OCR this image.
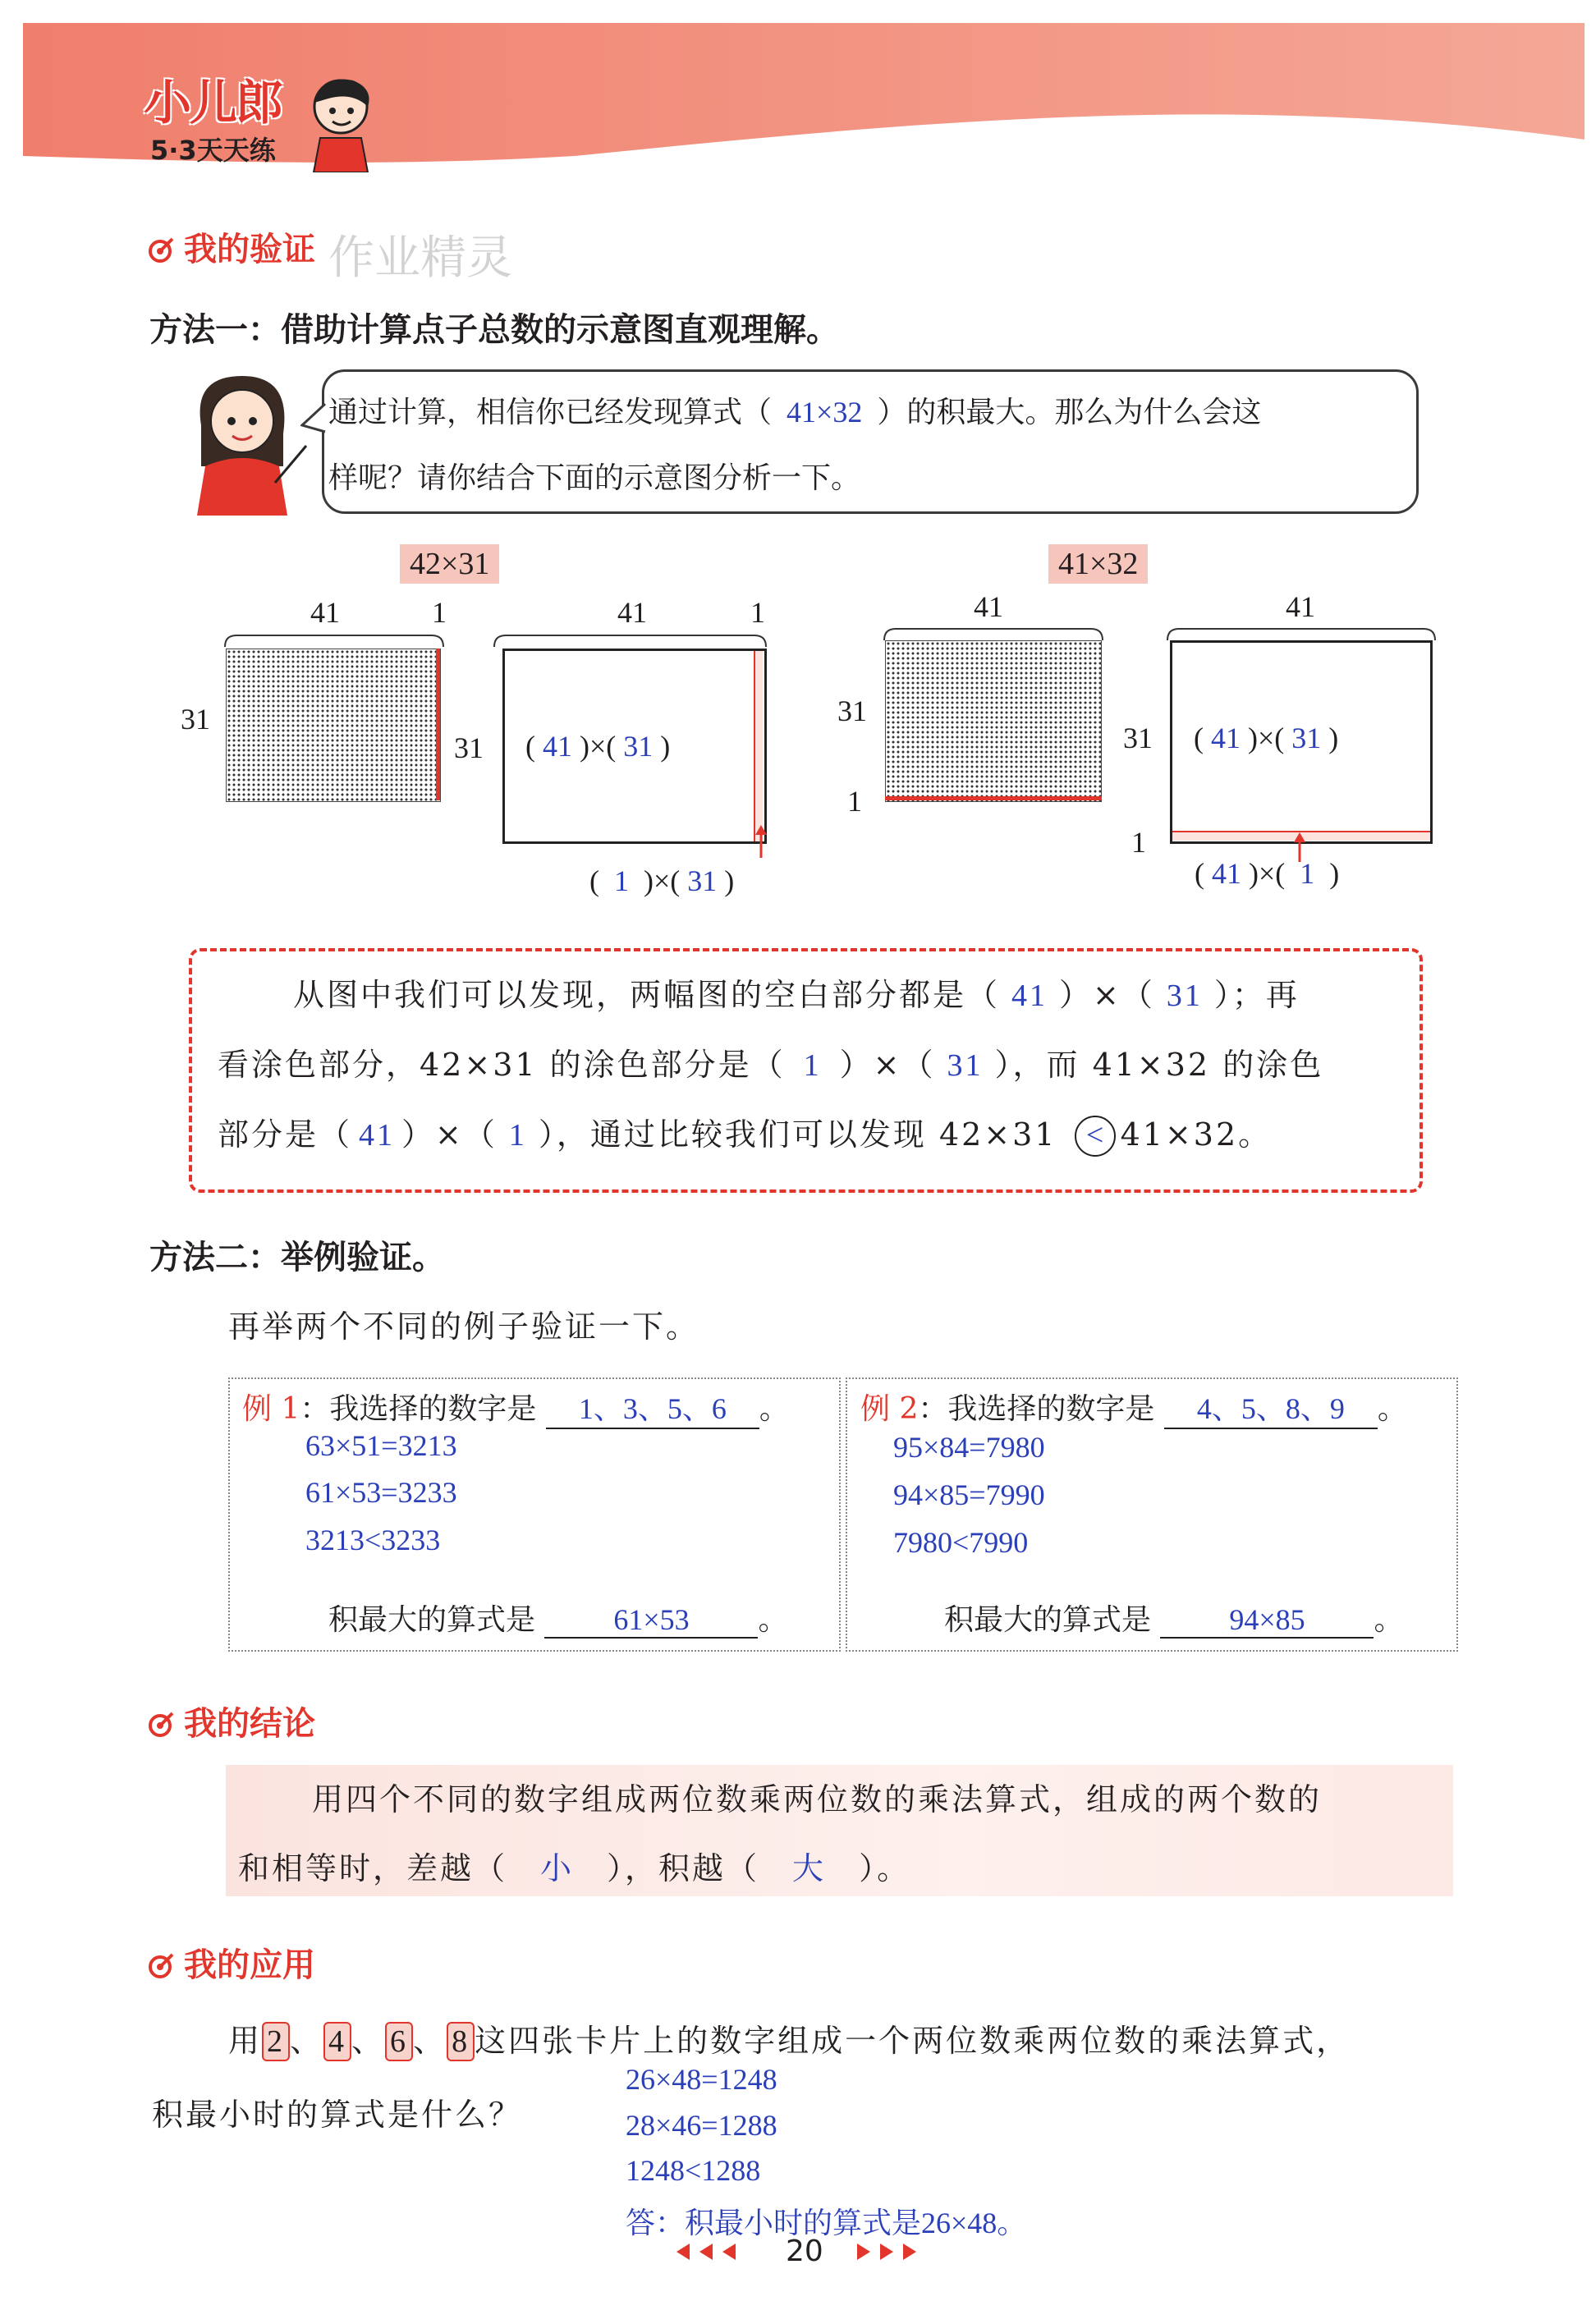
小儿郎
5·3天天练
作业精灵
我的验证
方法一：借助计算点子总数的示意图直观理解。
通过计算，相信你已经发现算式（ 41×32 ）的积最大。那么为什么会这
样呢？请你结合下面的示意图分析一下。
42×31
41	1
31
41	1
31 ( 41 )×( 31 )
(  1  )×( 31 )
41×32
41
31
1
41
31
1
( 41 )×( 31 )
( 41 )×(  1  )
从图中我们可以发现，两幅图的空白部分都是（ 41 ）×（ 31 ）；再
看涂色部分，42×31 的涂色部分是（ 1 ）×（ 31 ），而 41×32 的涂色
部分是（ 41 ）×（ 1 ），通过比较我们可以发现 42×31 < 41×32。
方法二：举例验证。
再举两个不同的例子验证一下。
例 1：我选择的数字是 1、3、5、6 。
63×51=3213
61×53=3233
3213<3233
积最大的算式是	61×53 。
例 2：我选择的数字是 4、5、8、9 。
95×84=7980
94×85=7990
7980<7990
积最大的算式是	94×85 。
我的结论
用四个不同的数字组成两位数乘两位数的乘法算式，组成的两个数的
和相等时，差越（ 小 ），积越（ 大 ）。
我的应用
用 2 、 4 、 6 、 8 这四张卡片上的数字组成一个两位数乘两位数的乘法算式，
积最小时的算式是什么？
26×48=1248
28×46=1288
1248<1288
答：积最小时的算式是26×48。
20
